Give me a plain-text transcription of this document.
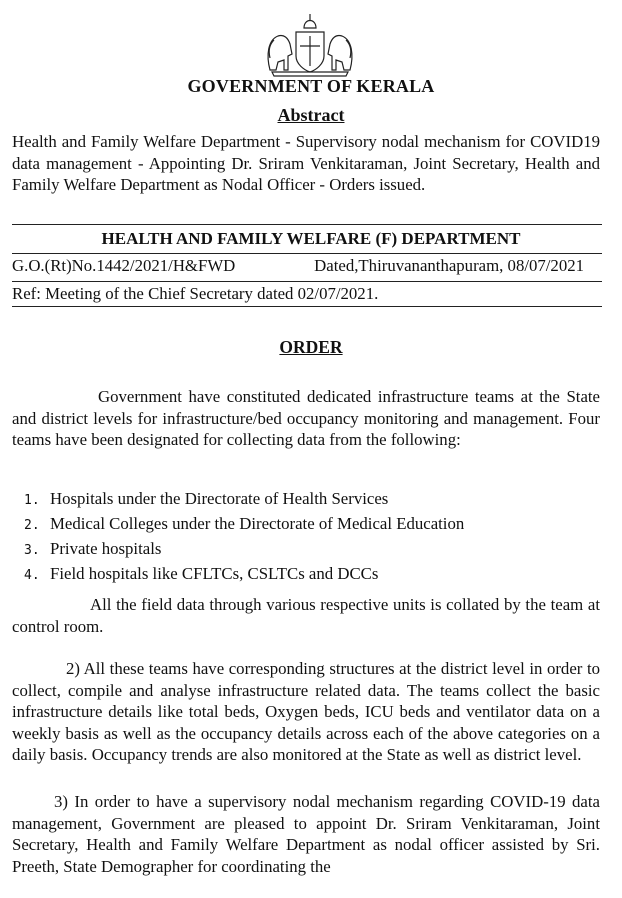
GOVERNMENT OF KERALA
Abstract
Health and Family Welfare Department - Supervisory nodal mechanism for COVID19 data management - Appointing Dr. Sriram Venkitaraman, Joint Secretary, Health and Family Welfare Department as Nodal Officer - Orders issued.
HEALTH AND FAMILY WELFARE (F) DEPARTMENT
G.O.(Rt)No.1442/2021/H&FWD	Dated,Thiruvananthapuram, 08/07/2021
Ref: Meeting of the Chief Secretary dated 02/07/2021.
ORDER
Government have constituted dedicated infrastructure teams at the State and district levels for infrastructure/bed occupancy monitoring and management. Four teams have been designated for collecting data from the following:
1. Hospitals under the Directorate of Health Services
2. Medical Colleges under the Directorate of Medical Education
3. Private hospitals
4. Field hospitals like CFLTCs, CSLTCs and DCCs
All the field data through various respective units is collated by the team at control room.
2) All these teams have corresponding structures at the district level in order to collect, compile and analyse infrastructure related data. The teams collect the basic infrastructure details like total beds, Oxygen beds, ICU beds and ventilator data on a weekly basis as well as the occupancy details across each of the above categories on a daily basis. Occupancy trends are also monitored at the State as well as district level.
3) In order to have a supervisory nodal mechanism regarding COVID-19 data management, Government are pleased to appoint Dr. Sriram Venkitaraman, Joint Secretary, Health and Family Welfare Department as nodal officer assisted by Sri. Preeth, State Demographer for coordinating the
